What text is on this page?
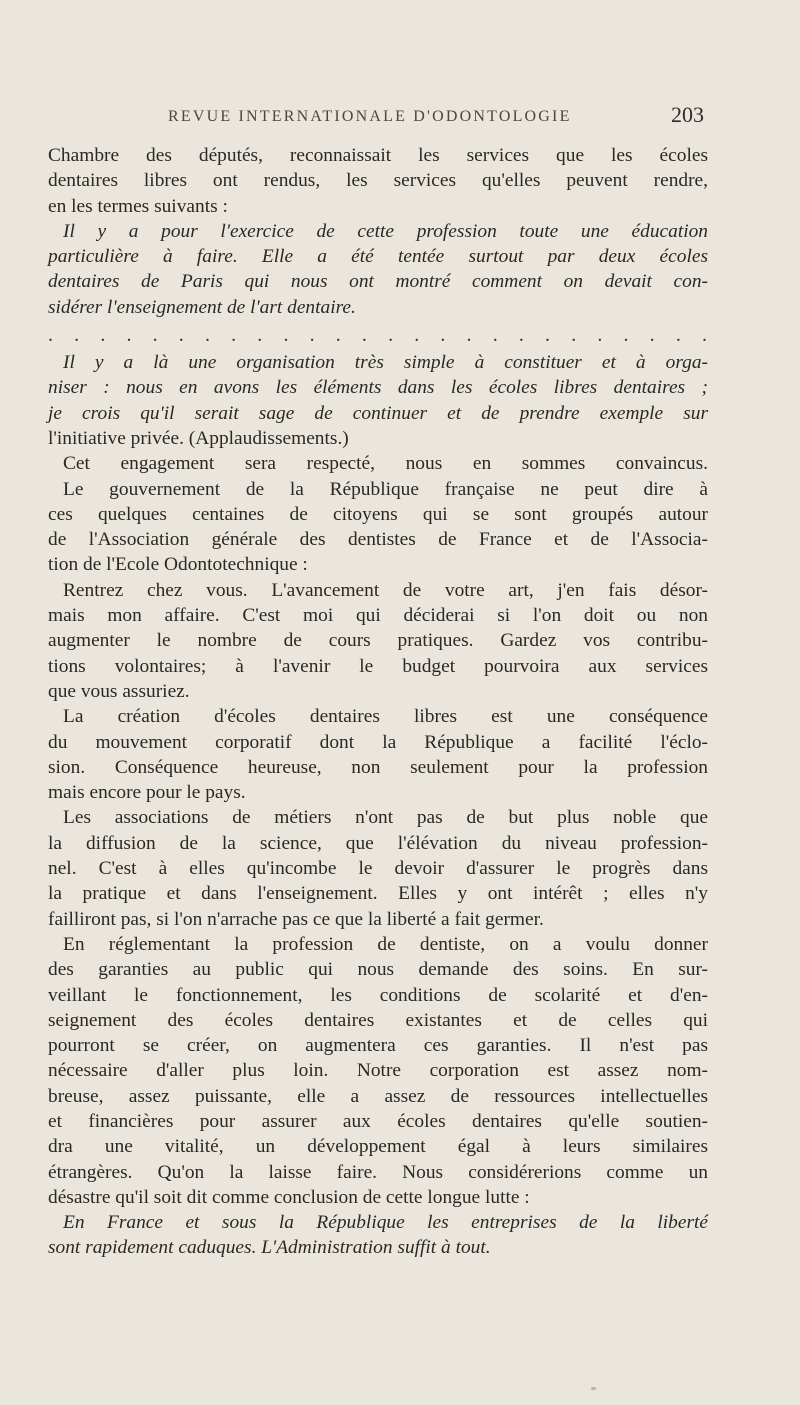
REVUE INTERNATIONALE D'ODONTOLOGIE	203
Chambre des députés, reconnaissait les services que les écoles
dentaires libres ont rendus, les services qu'elles peuvent rendre,
en les termes suivants :
Il y a pour l'exercice de cette profession toute une éducation
particulière à faire. Elle a été tentée surtout par deux écoles
dentaires de Paris qui nous ont montré comment on devait con-
sidérer l'enseignement de l'art dentaire.
. . . . . . . . . . . . . . . . . . . . . . . . . .
Il y a là une organisation très simple à constituer et à orga-
niser : nous en avons les éléments dans les écoles libres dentaires ;
je crois qu'il serait sage de continuer et de prendre exemple sur
l'initiative privée. (Applaudissements.)
Cet engagement sera respecté, nous en sommes convaincus.
Le gouvernement de la République française ne peut dire à
ces quelques centaines de citoyens qui se sont groupés autour
de l'Association générale des dentistes de France et de l'Associa-
tion de l'Ecole Odontotechnique :
Rentrez chez vous. L'avancement de votre art, j'en fais désor-
mais mon affaire. C'est moi qui déciderai si l'on doit ou non
augmenter le nombre de cours pratiques. Gardez vos contribu-
tions volontaires; à l'avenir le budget pourvoira aux services
que vous assuriez.
La création d'écoles dentaires libres est une conséquence
du mouvement corporatif dont la République a facilité l'éclo-
sion. Conséquence heureuse, non seulement pour la profession
mais encore pour le pays.
Les associations de métiers n'ont pas de but plus noble que
la diffusion de la science, que l'élévation du niveau profession-
nel. C'est à elles qu'incombe le devoir d'assurer le progrès dans
la pratique et dans l'enseignement. Elles y ont intérêt ; elles n'y
failliront pas, si l'on n'arrache pas ce que la liberté a fait germer.
En réglementant la profession de dentiste, on a voulu donner
des garanties au public qui nous demande des soins. En sur-
veillant le fonctionnement, les conditions de scolarité et d'en-
seignement des écoles dentaires existantes et de celles qui
pourront se créer, on augmentera ces garanties. Il n'est pas
nécessaire d'aller plus loin. Notre corporation est assez nom-
breuse, assez puissante, elle a assez de ressources intellectuelles
et financières pour assurer aux écoles dentaires qu'elle soutien-
dra une vitalité, un développement égal à leurs similaires
étrangères. Qu'on la laisse faire. Nous considérerions comme un
désastre qu'il soit dit comme conclusion de cette longue lutte :
En France et sous la République les entreprises de la liberté
sont rapidement caduques. L'Administration suffit à tout.
